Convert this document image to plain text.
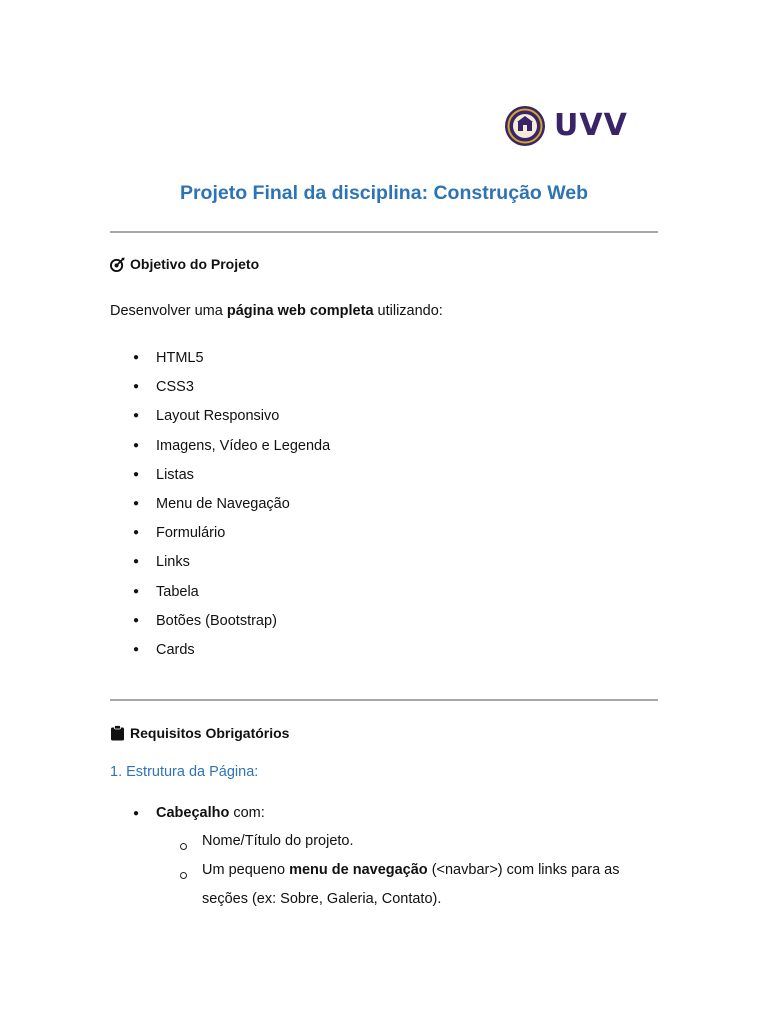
UVV
Projeto Final da disciplina: Construção Web
Objetivo do Projeto
Desenvolver uma página web completa utilizando:
● HTML5
● CSS3
● Layout Responsivo
● Imagens, Vídeo e Legenda
● Listas
● Menu de Navegação
● Formulário
● Links
● Tabela
● Botões (Bootstrap)
● Cards
Requisitos Obrigatórios
1. Estrutura da Página:
● Cabeçalho com:
Nome/Título do projeto.
Um pequeno menu de navegação (<navbar>) com links para as
seções (ex: Sobre, Galeria, Contato).
